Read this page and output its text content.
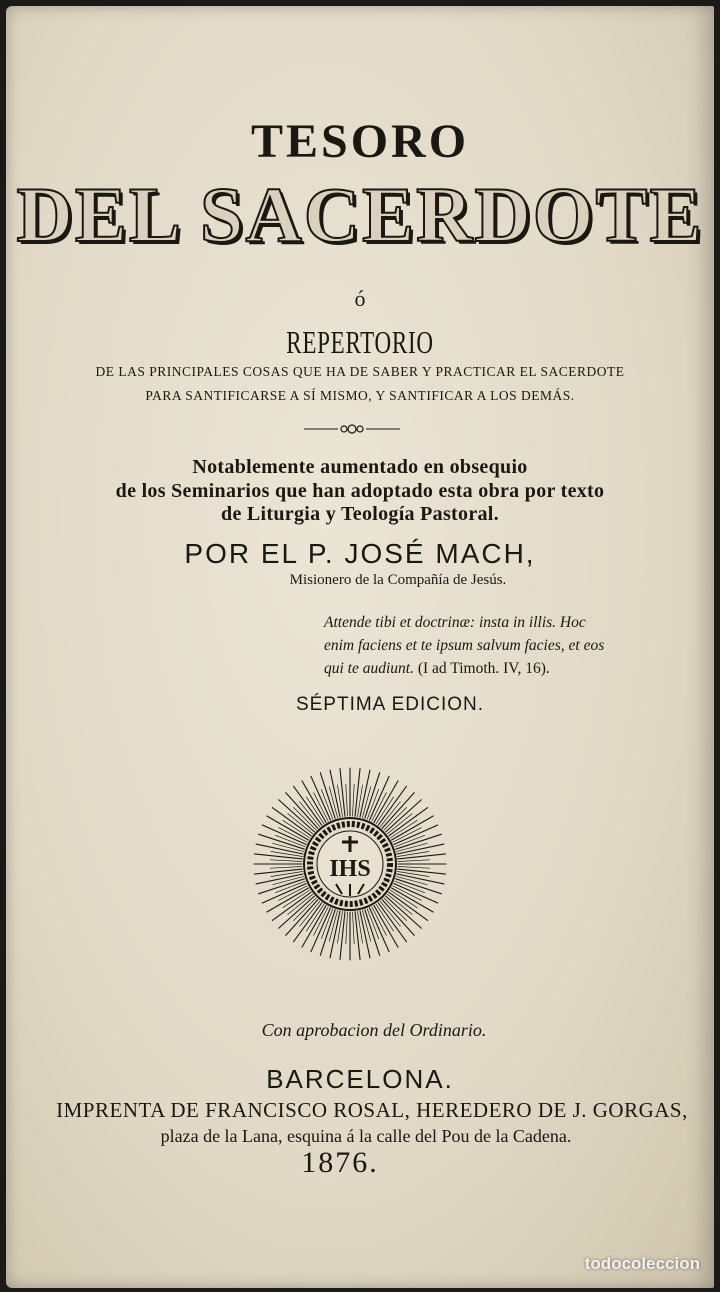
TESORO
DEL SACERDOTE
ó
REPERTORIO
DE LAS PRINCIPALES COSAS QUE HA DE SABER Y PRACTICAR EL SACERDOTE
PARA SANTIFICARSE A SÍ MISMO, Y SANTIFICAR A LOS DEMÁS.
Notablemente aumentado en obsequio
de los Seminarios que han adoptado esta obra por texto
de Liturgia y Teología Pastoral.
POR EL P. JOSÉ MACH,
Misionero de la Compañía de Jesús.
Attende tibi et doctrinæ: insta in illis. Hoc
enim faciens et te ipsum salvum facies, et eos
qui te audiunt. (I ad Timoth. IV, 16).
SÉPTIMA EDICION.
IHS
Con aprobacion del Ordinario.
BARCELONA.
IMPRENTA DE FRANCISCO ROSAL, HEREDERO DE J. GORGAS,
plaza de la Lana, esquina á la calle del Pou de la Cadena.
1876.
todocoleccion
